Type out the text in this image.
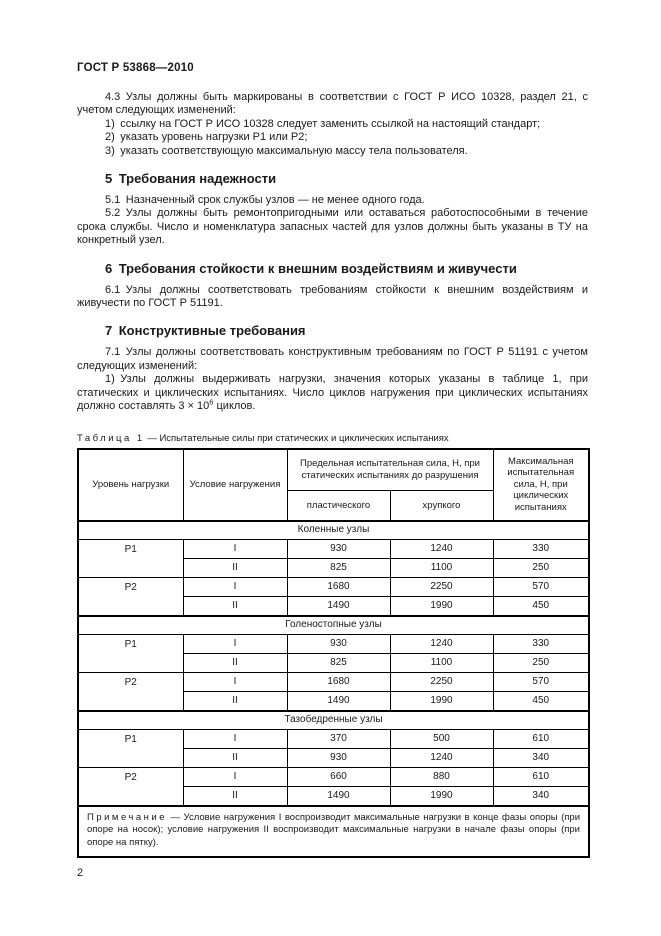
ГОСТ Р 53868—2010

4.3 Узлы должны быть маркированы в соответствии с ГОСТ Р ИСО 10328, раздел 21, с учетом следующих изменений:

1) ссылку на ГОСТ Р ИСО 10328 следует заменить ссылкой на настоящий стандарт;

2) указать уровень нагрузки Р1 или Р2;

3) указать соответствующую максимальную массу тела пользователя.

5 Требования надежности

5.1 Назначенный срок службы узлов — не менее одного года.

5.2 Узлы должны быть ремонтопригодными или оставаться работоспособными в течение срока службы. Число и номенклатура запасных частей для узлов должны быть указаны в ТУ на конкретный узел.

6 Требования стойкости к внешним воздействиям и живучести

6.1 Узлы должны соответствовать требованиям стойкости к внешним воздействиям и живучести по ГОСТ Р 51191.

7 Конструктивные требования

7.1 Узлы должны соответствовать конструктивным требованиям по ГОСТ Р 51191 с учетом следующих изменений:

1) Узлы должны выдерживать нагрузки, значения которых указаны в таблице 1, при статических и циклических испытаниях. Число циклов нагружения при циклических испытаниях должно составлять $3 \times 10^6$ циклов.

Таблица 1 — Испытательные силы при статических и циклических испытаниях
Уровень нагрузки	Условие нагружения	Предельная испытательная сила, Н, при статических испытаниях до разрушения		Максимальная испытательная сила, Н, при циклических испытаниях
		пластического	хрупкого	
Коленные узлы				
Р1	I	930	1240	330
	II	825	1100	250
Р2	I	1680	2250	570
	II	1490	1990	450
Голеностопные узлы				
Р1	I	930	1240	330
	II	825	1100	250
Р2	I	1680	2250	570
	II	1490	1990	450
Тазобедренные узлы				
Р1	I	370	500	610
	II	930	1240	340
Р2	I	660	880	610
	II	1490	1990	340
Примечание — Условие нагружения I воспроизводит максимальные нагрузки в конце фазы опоры (при опоре на носок); условие нагружения II воспроизводит максимальные нагрузки в начале фазы опоры (при опоре на пятку).				
2
